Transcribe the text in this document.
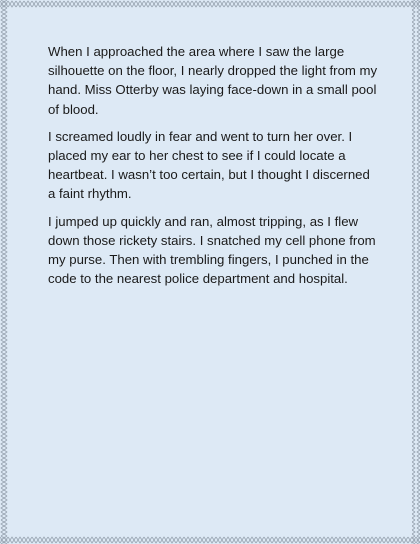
When I approached the area where I saw the large silhouette on the floor, I nearly dropped the light from my hand. Miss Otterby was laying face-down in a small pool of blood.

I screamed loudly in fear and went to turn her over. I placed my ear to her chest to see if I could locate a heartbeat. I wasn’t too certain, but I thought I discerned a faint rhythm.

I jumped up quickly and ran, almost tripping, as I flew down those rickety stairs. I snatched my cell phone from my purse. Then with trembling fingers, I punched in the code to the nearest police department and hospital.
